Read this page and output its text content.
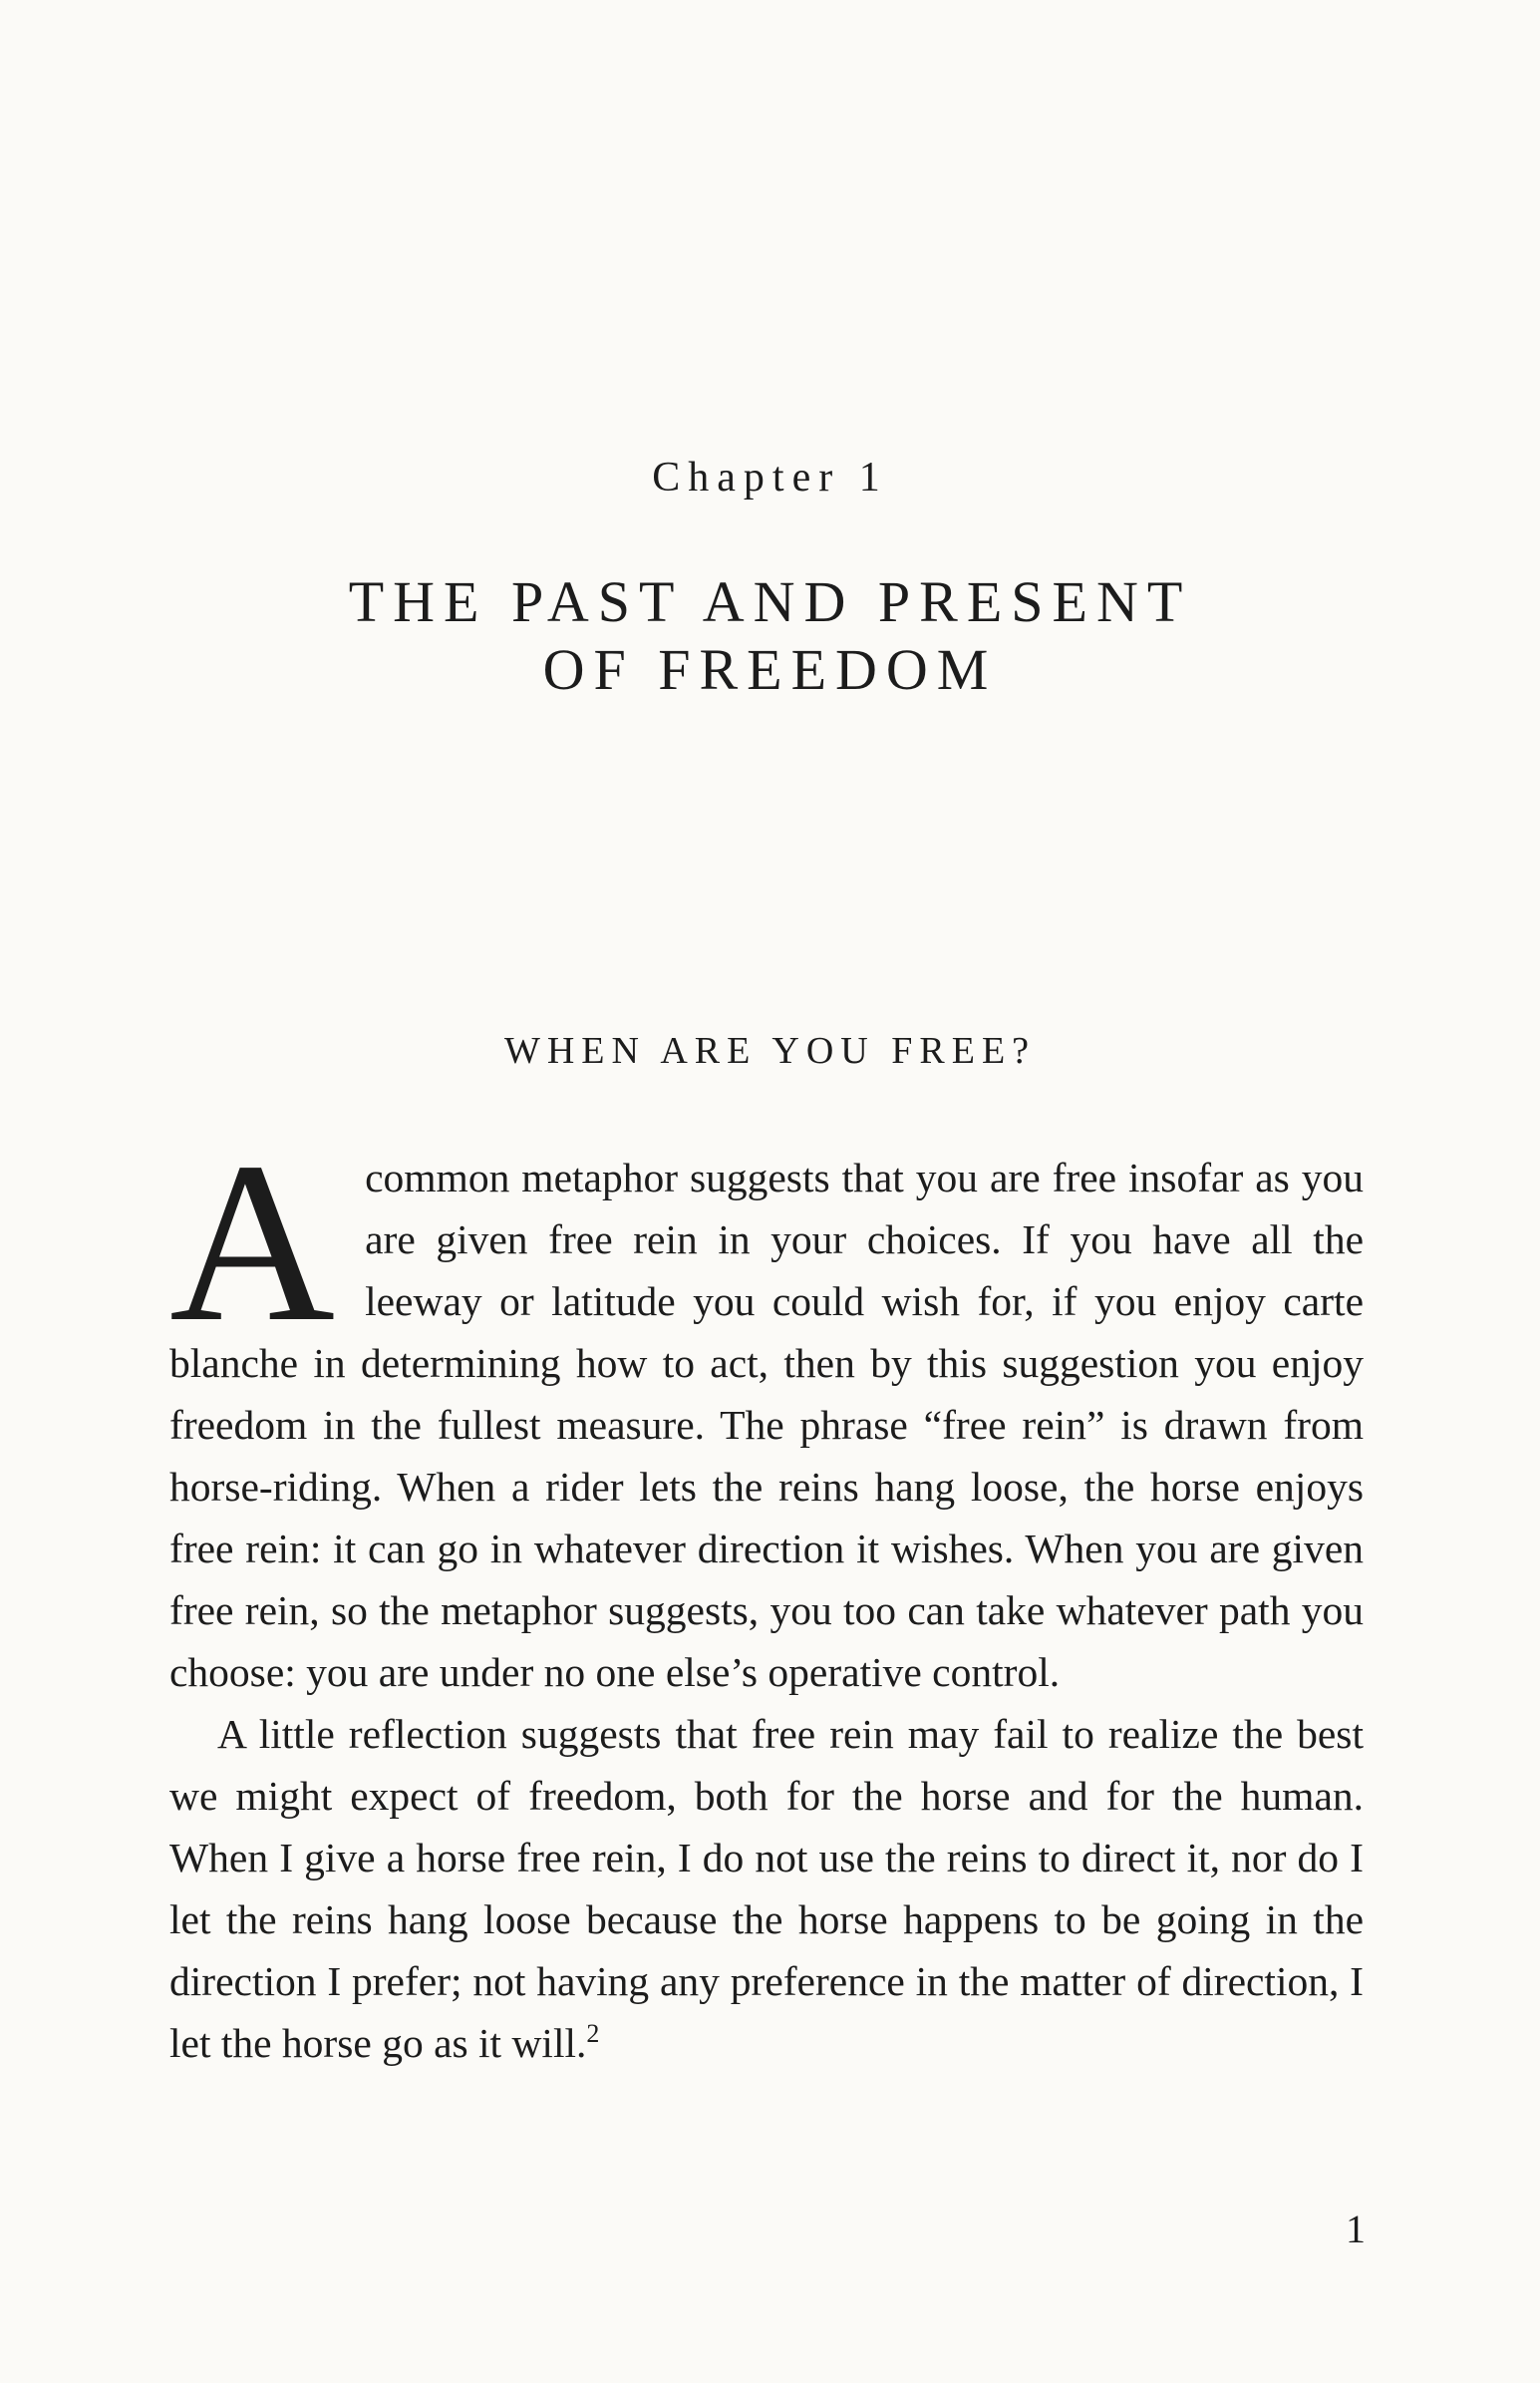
Chapter 1
THE PAST AND PRESENT
OF FREEDOM
WHEN ARE YOU FREE?

Acommon metaphor suggests that you are free insofar as you are given free rein in your choices. If you have all the leeway or latitude you could wish for, if you enjoy carte blanche in determining how to act, then by this suggestion you enjoy freedom in the fullest measure. The phrase “free rein” is drawn from horse-riding. When a rider lets the reins hang loose, the horse enjoys free rein: it can go in whatever direction it wishes. When you are given free rein, so the metaphor suggests, you too can take whatever path you choose: you are under no one else’s operative control.

A little reflection suggests that free rein may fail to realize the best we might expect of freedom, both for the horse and for the human. When I give a horse free rein, I do not use the reins to direct it, nor do I let the reins hang loose because the horse happens to be going in the direction I prefer; not having any preference in the matter of direction, I let the horse go as it will.$^2$

1
